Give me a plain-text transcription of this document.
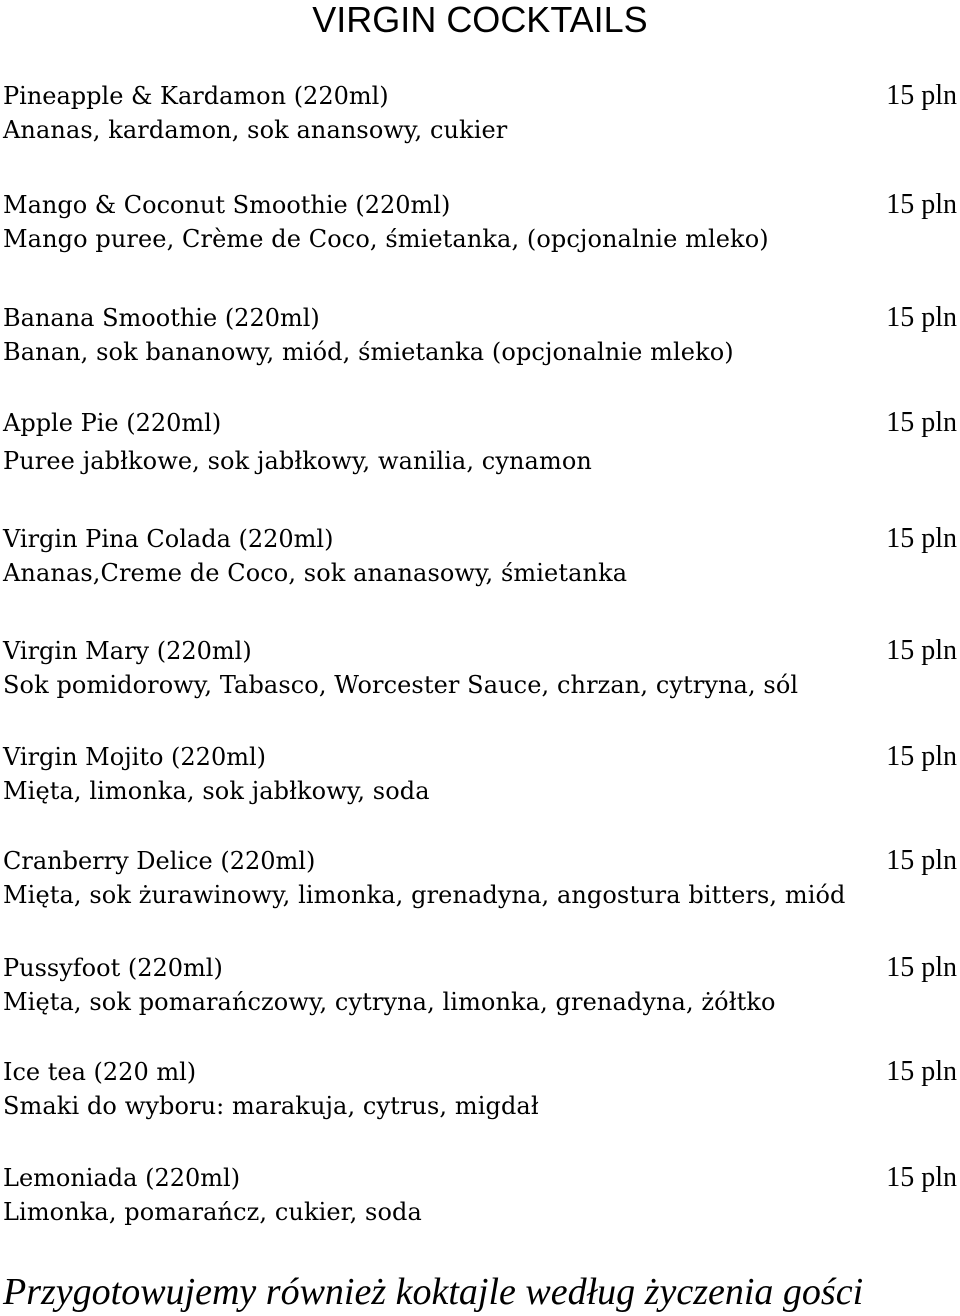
VIRGIN COCKTAILS
Pineapple & Kardamon (220ml)	15 pln
Ananas, kardamon, sok anansowy, cukier
Mango & Coconut Smoothie (220ml)	15 pln
Mango puree, Crème de Coco, śmietanka, (opcjonalnie mleko)
Banana Smoothie (220ml)	15 pln
Banan, sok bananowy, miód, śmietanka (opcjonalnie mleko)
Apple Pie (220ml)	15 pln
Puree jabłkowe, sok jabłkowy, wanilia, cynamon
Virgin Pina Colada (220ml)	15 pln
Ananas,Creme de Coco, sok ananasowy, śmietanka
Virgin Mary (220ml)	15 pln
Sok pomidorowy, Tabasco, Worcester Sauce, chrzan, cytryna, sól
Virgin Mojito (220ml)	15 pln
Mięta, limonka, sok jabłkowy, soda
Cranberry Delice (220ml)	15 pln
Mięta, sok żurawinowy, limonka, grenadyna, angostura bitters, miód
Pussyfoot (220ml)	15 pln
Mięta, sok pomarańczowy, cytryna, limonka, grenadyna, żółtko
Ice tea (220 ml)	15 pln
Smaki do wyboru: marakuja, cytrus, migdał
Lemoniada (220ml)	15 pln
Limonka, pomarańcz, cukier, soda
Przygotowujemy również koktajle według życzenia gości
